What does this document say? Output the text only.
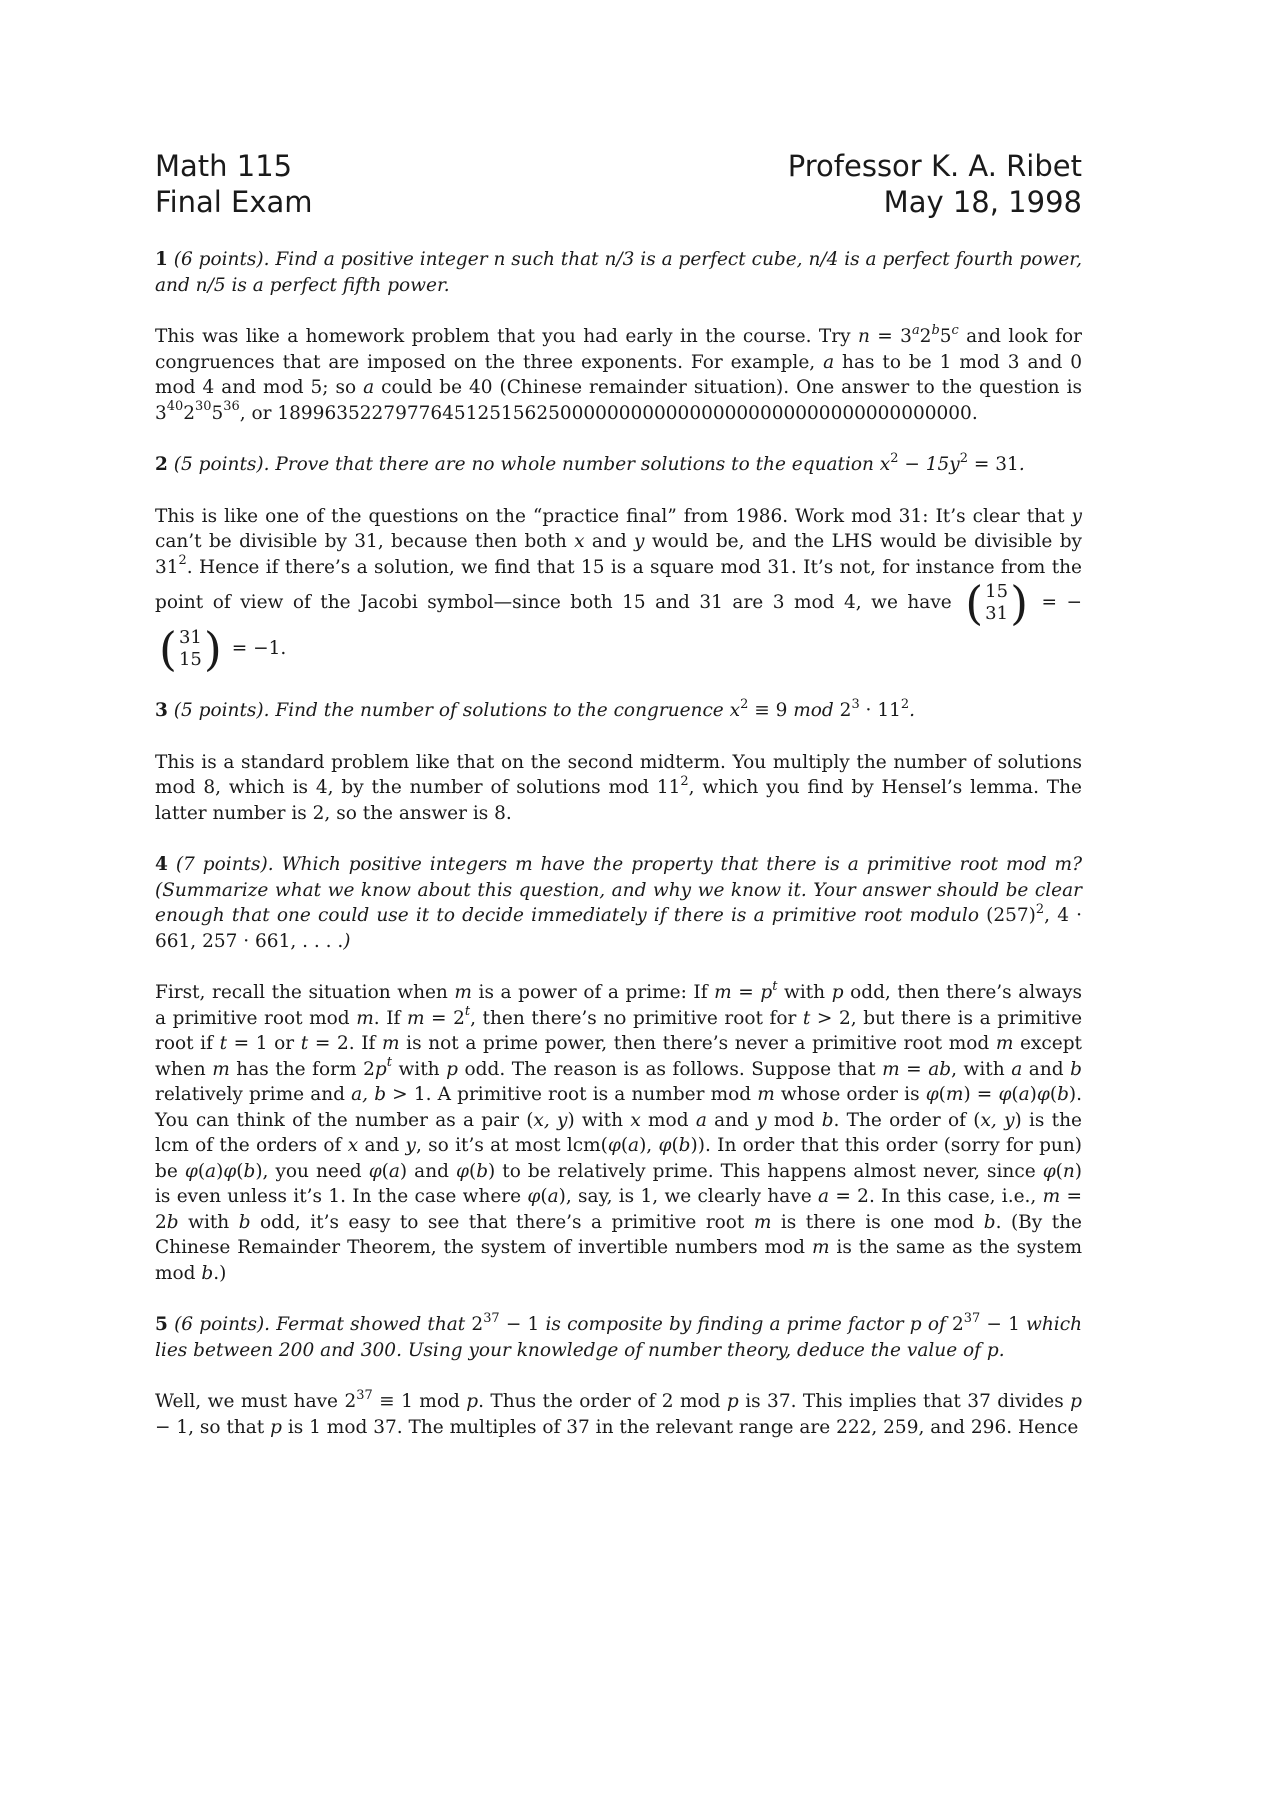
Math 115
Final Exam
Professor K. A. Ribet
May 18, 1998

1 (6 points). Find a positive integer n such that n/3 is a perfect cube, n/4 is a perfect fourth power, and n/5 is a perfect fifth power.

This was like a homework problem that you had early in the course. Try $n = 3^a2^b5^c$ and look for congruences that are imposed on the three exponents. For example, a has to be 1 mod 3 and 0 mod 4 and mod 5; so a could be 40 (Chinese remainder situation). One answer to the question is $3^{40}2^{30}5^{36}$, or 18996352279776451251562500000000000000000000000000000000000.

2 (5 points). Prove that there are no whole number solutions to the equation $x^2 - 15y^2 = 31$.

This is like one of the questions on the “practice final” from 1986. Work mod 31: It’s clear that y can’t be divisible by 31, because then both x and y would be, and the LHS would be divisible by $31^2$. Hence if there’s a solution, we find that 15 is a square mod 31. It’s not, for instance from the point of view of the Jacobi symbol—since both 15 and 31 are 3 mod 4, we have ( 15
31 ) = − ( 31
15 ) = −1.

3 (5 points). Find the number of solutions to the congruence $x^2 \equiv 9$ mod $2^3 \cdot 11^2$.

This is a standard problem like that on the second midterm. You multiply the number of solutions mod 8, which is 4, by the number of solutions mod $11^2$, which you find by Hensel’s lemma. The latter number is 2, so the answer is 8.

4 (7 points). Which positive integers m have the property that there is a primitive root mod m? (Summarize what we know about this question, and why we know it. Your answer should be clear enough that one could use it to decide immediately if there is a primitive root modulo $(257)^2$, 4 · 661, 257 · 661, . . . .)

First, recall the situation when m is a power of a prime: If $m = p^t$ with p odd, then there’s always a primitive root mod m. If $m = 2^t$, then there’s no primitive root for t > 2, but there is a primitive root if t = 1 or t = 2. If m is not a prime power, then there’s never a primitive root mod m except when m has the form $2p^t$ with p odd. The reason is as follows. Suppose that m = ab, with a and b relatively prime and a, b > 1. A primitive root is a number mod m whose order is φ(m) = φ(a)φ(b). You can think of the number as a pair (x, y) with x mod a and y mod b. The order of (x, y) is the lcm of the orders of x and y, so it’s at most lcm(φ(a), φ(b)). In order that this order (sorry for pun) be φ(a)φ(b), you need φ(a) and φ(b) to be relatively prime. This happens almost never, since φ(n) is even unless it’s 1. In the case where φ(a), say, is 1, we clearly have a = 2. In this case, i.e., m = 2b with b odd, it’s easy to see that there’s a primitive root m is there is one mod b. (By the Chinese Remainder Theorem, the system of invertible numbers mod m is the same as the system mod b.)

5 (6 points). Fermat showed that $2^{37} - 1$ is composite by finding a prime factor p of $2^{37} - 1$ which lies between 200 and 300. Using your knowledge of number theory, deduce the value of p.

Well, we must have $2^{37} \equiv 1$ mod p. Thus the order of 2 mod p is 37. This implies that 37 divides p − 1, so that p is 1 mod 37. The multiples of 37 in the relevant range are 222, 259, and 296. Hence
